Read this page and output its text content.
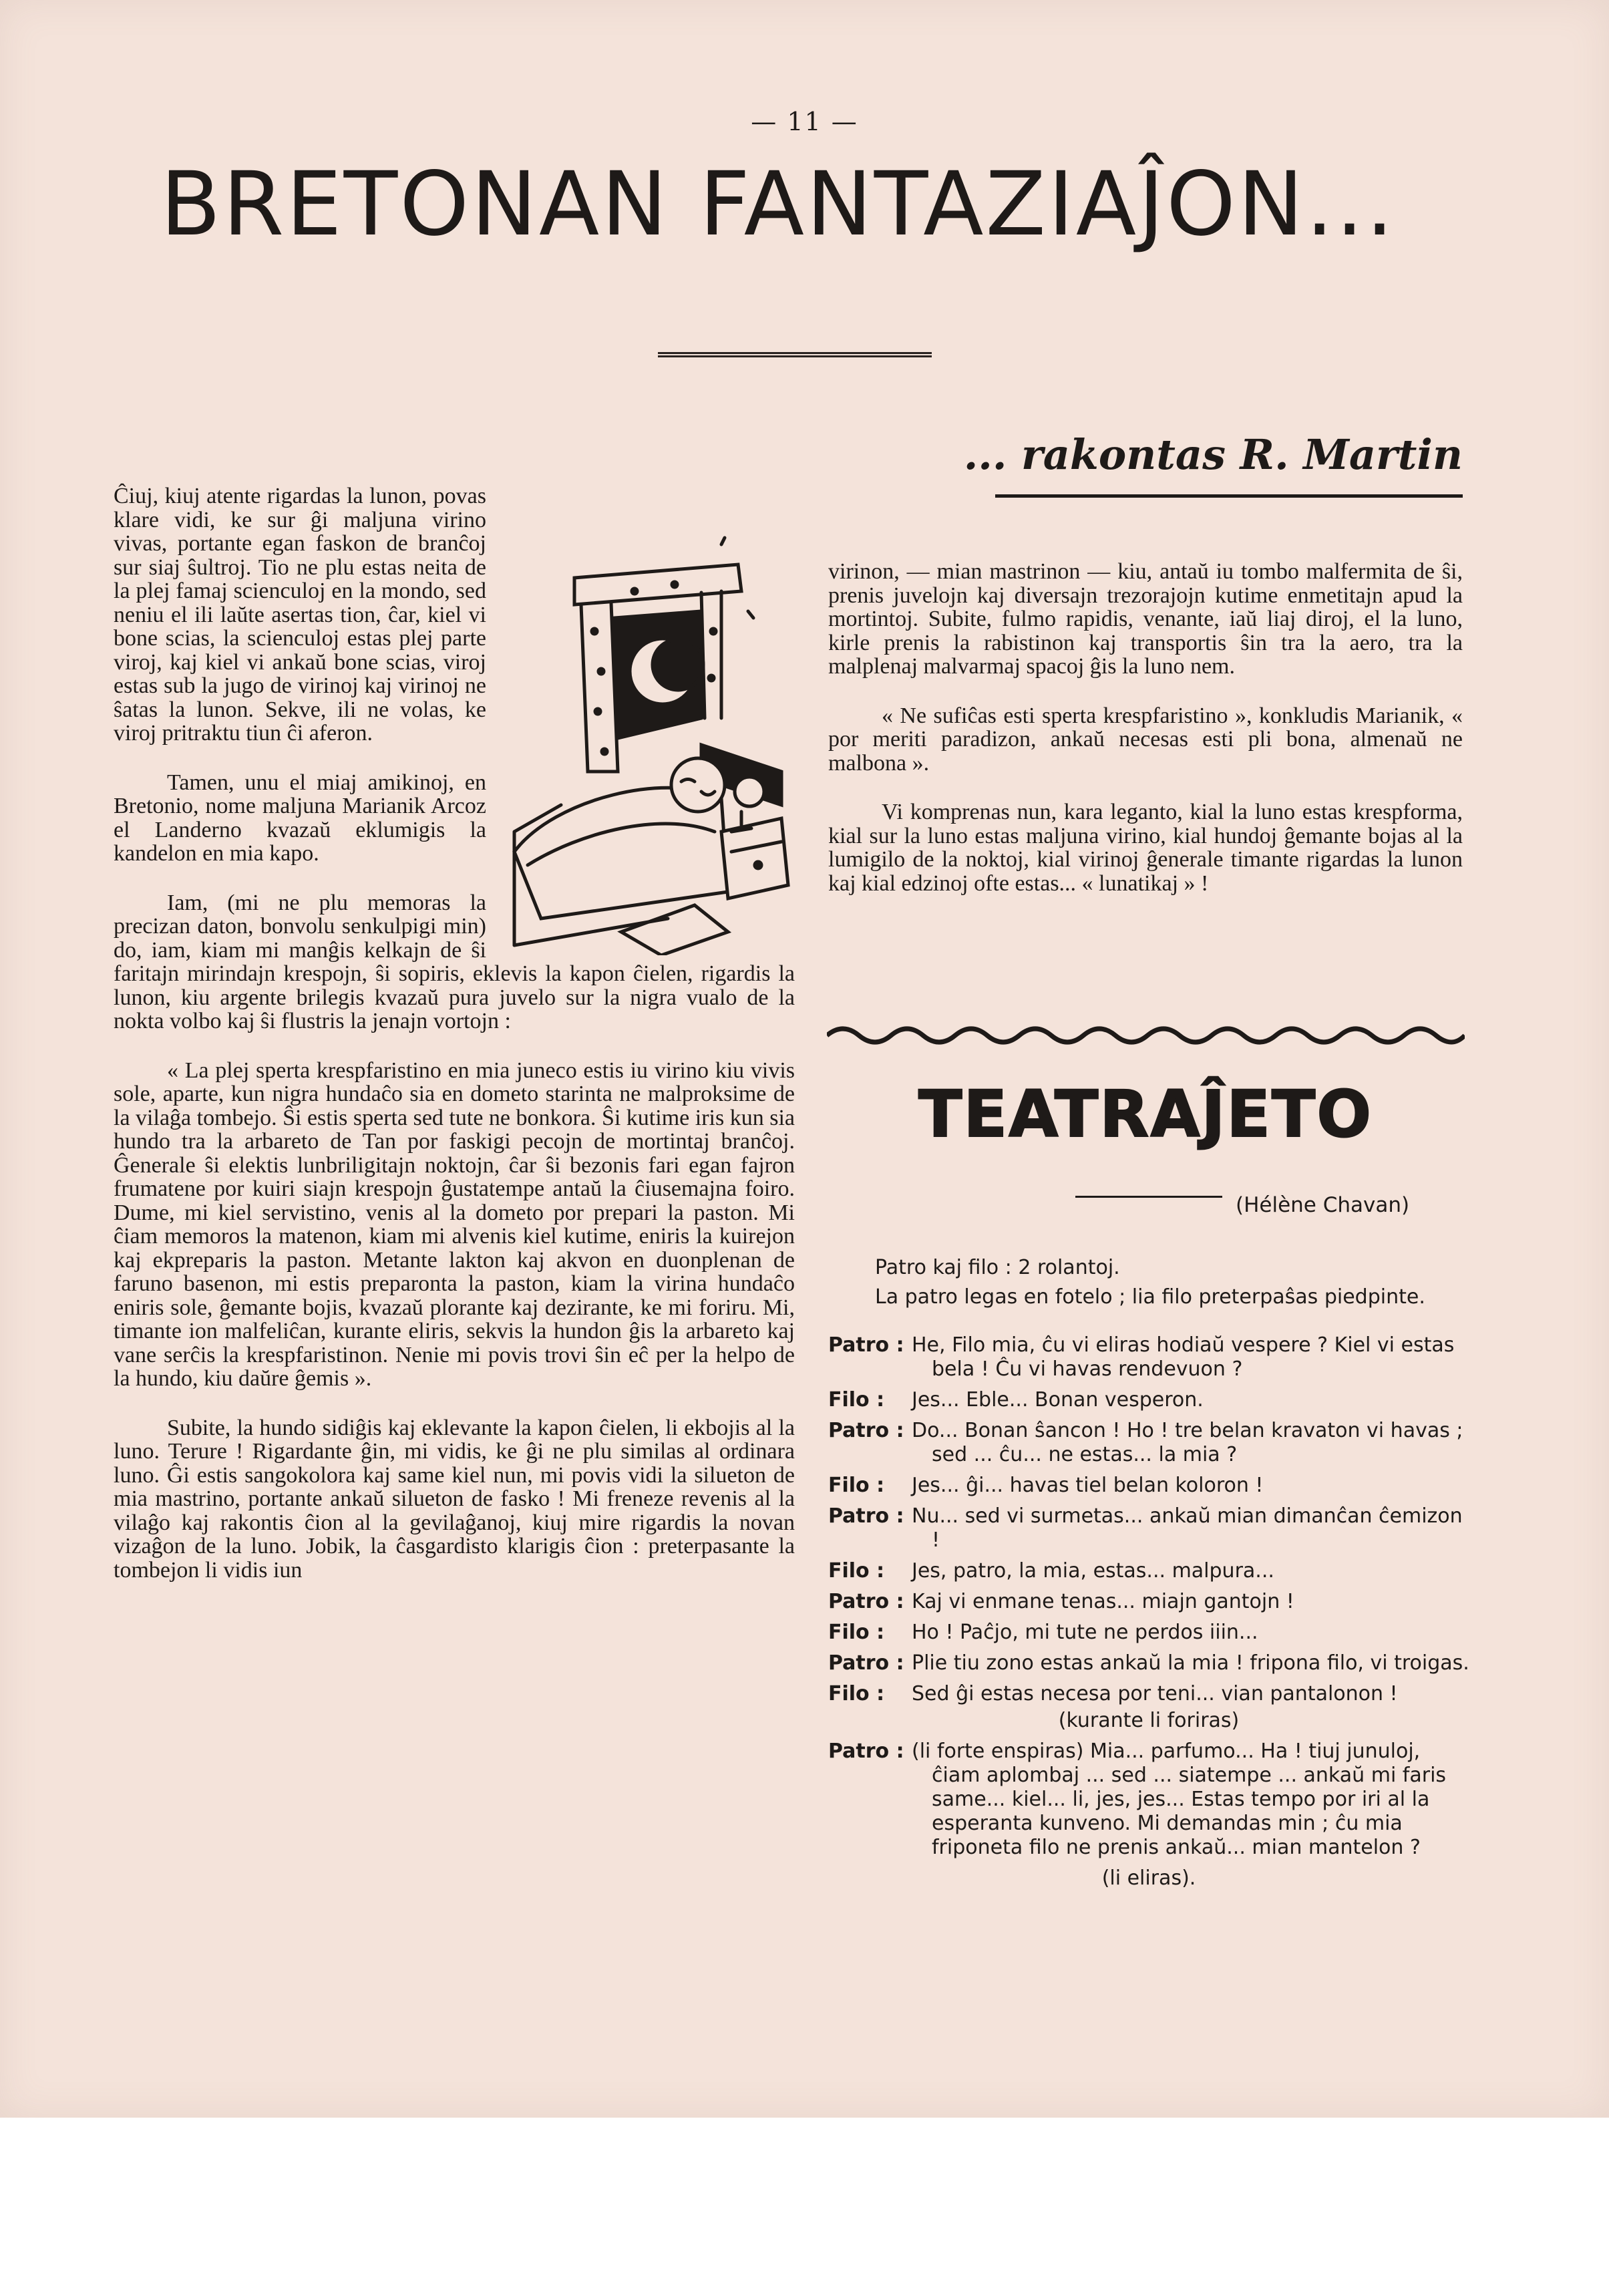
— 11 —
BRETONAN FANTAZIAĴON...
... rakontas R. Martin

Ĉiuj, kiuj atente rigardas la lunon, povas klare vidi, ke sur ĝi maljuna virino vivas, portante egan faskon de branĉoj sur siaj ŝultroj. Tio ne plu estas neita de la plej famaj scienculoj en la mondo, sed neniu el ili laŭte asertas tion, ĉar, kiel vi bone scias, la scienculoj estas plej parte viroj, kaj kiel vi ankaŭ bone scias, viroj estas sub la jugo de virinoj kaj virinoj ne ŝatas la lunon. Sekve, ili ne volas, ke viroj pritraktu tiun ĉi aferon.

Tamen, unu el miaj amikinoj, en Bretonio, nome maljuna Marianik Arcoz el Landerno kvazaŭ eklumigis la kandelon en mia kapo.

Iam, (mi ne plu memoras la precizan daton, bonvolu senkulpigi min) do, iam, kiam mi manĝis kelkajn de ŝi faritajn mirindajn krespojn, ŝi sopiris, eklevis la kapon ĉielen, rigardis la lunon, kiu argente brilegis kvazaŭ pura juvelo sur la nigra vualo de la nokta volbo kaj ŝi flustris la jenajn vortojn :

« La plej sperta krespfaristino en mia juneco estis iu virino kiu vivis sole, aparte, kun nigra hundaĉo sia en dometo starinta ne malproksime de la vilaĝa tombejo. Ŝi estis sperta sed tute ne bonkora. Ŝi kutime iris kun sia hundo tra la arbareto de Tan por faskigi pecojn de mortintaj branĉoj. Ĝenerale ŝi elektis lunbriligitajn noktojn, ĉar ŝi bezonis fari egan fajron frumatene por kuiri siajn krespojn ĝustatempe antaŭ la ĉiusemajna foiro. Dume, mi kiel servistino, venis al la dometo por prepari la paston. Mi ĉiam memoros la matenon, kiam mi alvenis kiel kutime, eniris la kuirejon kaj ekpreparis la paston. Metante lakton kaj akvon en duonplenan de faruno basenon, mi estis preparonta la paston, kiam la virina hundaĉo eniris sole, ĝemante bojis, kvazaŭ plorante kaj dezirante, ke mi foriru. Mi, timante ion malfeliĉan, kurante eliris, sekvis la hundon ĝis la arbareto kaj vane serĉis la krespfaristinon. Nenie mi povis trovi ŝin eĉ per la helpo de la hundo, kiu daŭre ĝemis ».

Subite, la hundo sidiĝis kaj eklevante la kapon ĉielen, li ekbojis al la luno. Terure ! Rigardante ĝin, mi vidis, ke ĝi ne plu similas al ordinara luno. Ĝi estis sangokolora kaj same kiel nun, mi povis vidi la silueton de mia mastrino, portante ankaŭ silueton de fasko ! Mi freneze revenis al la vilaĝo kaj rakontis ĉion al la gevilaĝanoj, kiuj mire rigardis la novan vizaĝon de la luno. Jobik, la ĉasgardisto klarigis ĉion : preterpasante la tombejon li vidis iun

virinon, — mian mastrinon — kiu, antaŭ iu tombo malfermita de ŝi, prenis juvelojn kaj diversajn trezorajojn kutime enmetitajn apud la mortintoj. Subite, fulmo rapidis, venante, iaŭ liaj diroj, el la luno, kirle prenis la rabistinon kaj transportis ŝin tra la aero, tra la malplenaj malvarmaj spacoj ĝis la luno nem.

« Ne sufiĉas esti sperta krespfaristino », konkludis Marianik, « por meriti paradizon, ankaŭ necesas esti pli bona, almenaŭ ne malbona ».

Vi komprenas nun, kara leganto, kial la luno estas krespforma, kial sur la luno estas maljuna virino, kial hundoj ĝemante bojas al la lumigilo de la noktoj, kial virinoj ĝenerale timante rigardas la lunon kaj kial edzinoj ofte estas... « lunatikaj » !

TEATRAĴETO
(Hélène Chavan)
Patro kaj filo : 2 rolantoj.
La patro legas en fotelo ; lia filo preterpaŝas piedpinte.
Patro : He, Filo mia, ĉu vi eliras hodiaŭ vespere ? Kiel vi estas bela ! Ĉu vi havas rendevuon ?
Filo :	Jes... Eble... Bonan vesperon.
Patro : Do... Bonan ŝancon ! Ho ! tre belan kravaton vi havas ; sed ... ĉu... ne estas... la mia ?
Filo :	Jes... ĝi... havas tiel belan koloron !
Patro : Nu... sed vi surmetas... ankaŭ mian dimanĉan ĉemizon !
Filo :	Jes, patro, la mia, estas... malpura...
Patro : Kaj vi enmane tenas... miajn gantojn !
Filo :	Ho ! Paĉjo, mi tute ne perdos iiin...
Patro : Plie tiu zono estas ankaŭ la mia ! fripona filo, vi troigas.
Filo :	Sed ĝi estas necesa por teni... vian pantalonon !
(kurante li foriras)
Patro : (li forte enspiras) Mia... parfumo... Ha ! tiuj junuloj, ĉiam aplombaj ... sed ... siatempe ... ankaŭ mi faris same... kiel... li, jes, jes... Estas tempo por iri al la esperanta kunveno. Mi demandas min ; ĉu mia friponeta filo ne prenis ankaŭ... mian mantelon ?
(li eliras).
